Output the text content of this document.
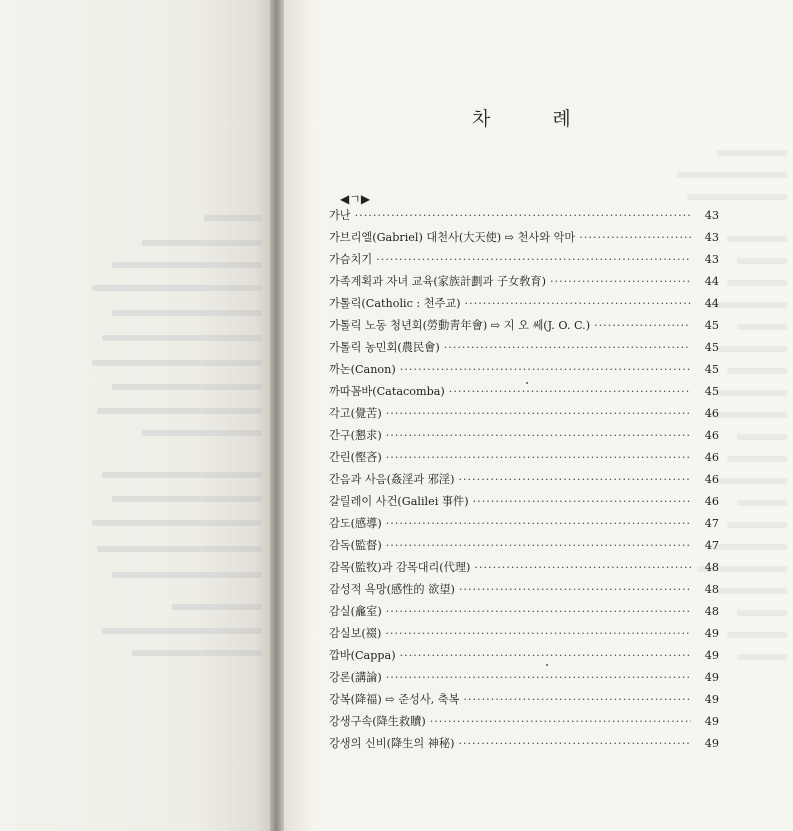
차	례
◀ㄱ▶
가난 ·····	43
가브리엘(Gabriel) 대천사(大天使) ⇨ 천사와 악마 ·····	43
가슴치기 ·····	43
가족계획과 자녀 교육(家族計劃과 子女敎育) ·····	44
가톨릭(Catholic : 천주교) ·····	44
가톨릭 노동 청년회(勞動靑年會) ⇨ 지 오 쎄(J. O. C.) ·····	45
가톨릭 농민회(農民會) ·····	45
까논(Canon) ·····	45
까따꼼바(Catacomba) ·····	45
각고(覺苦) ·····	46
간구(懇求) ·····	46
간린(慳吝) ·····	46
간음과 사음(姦淫과 邪淫) ·····	46
갈릴레이 사건(Galilei 事件) ·····	46
감도(感導) ·····	47
감독(監督) ·····	47
감목(監牧)과 감목대리(代理) ·····	48
감성적 욕망(感性的 欲望) ·····	48
감실(龕室) ·····	48
감실보(裰) ·····	49
깝바(Cappa) ·····	49
강론(講論) ·····	49
강복(降福) ⇨ 준성사, 축복 ·····	49
강생구속(降生救贖) ·····	49
강생의 신비(降生의 神秘) ·····	49
